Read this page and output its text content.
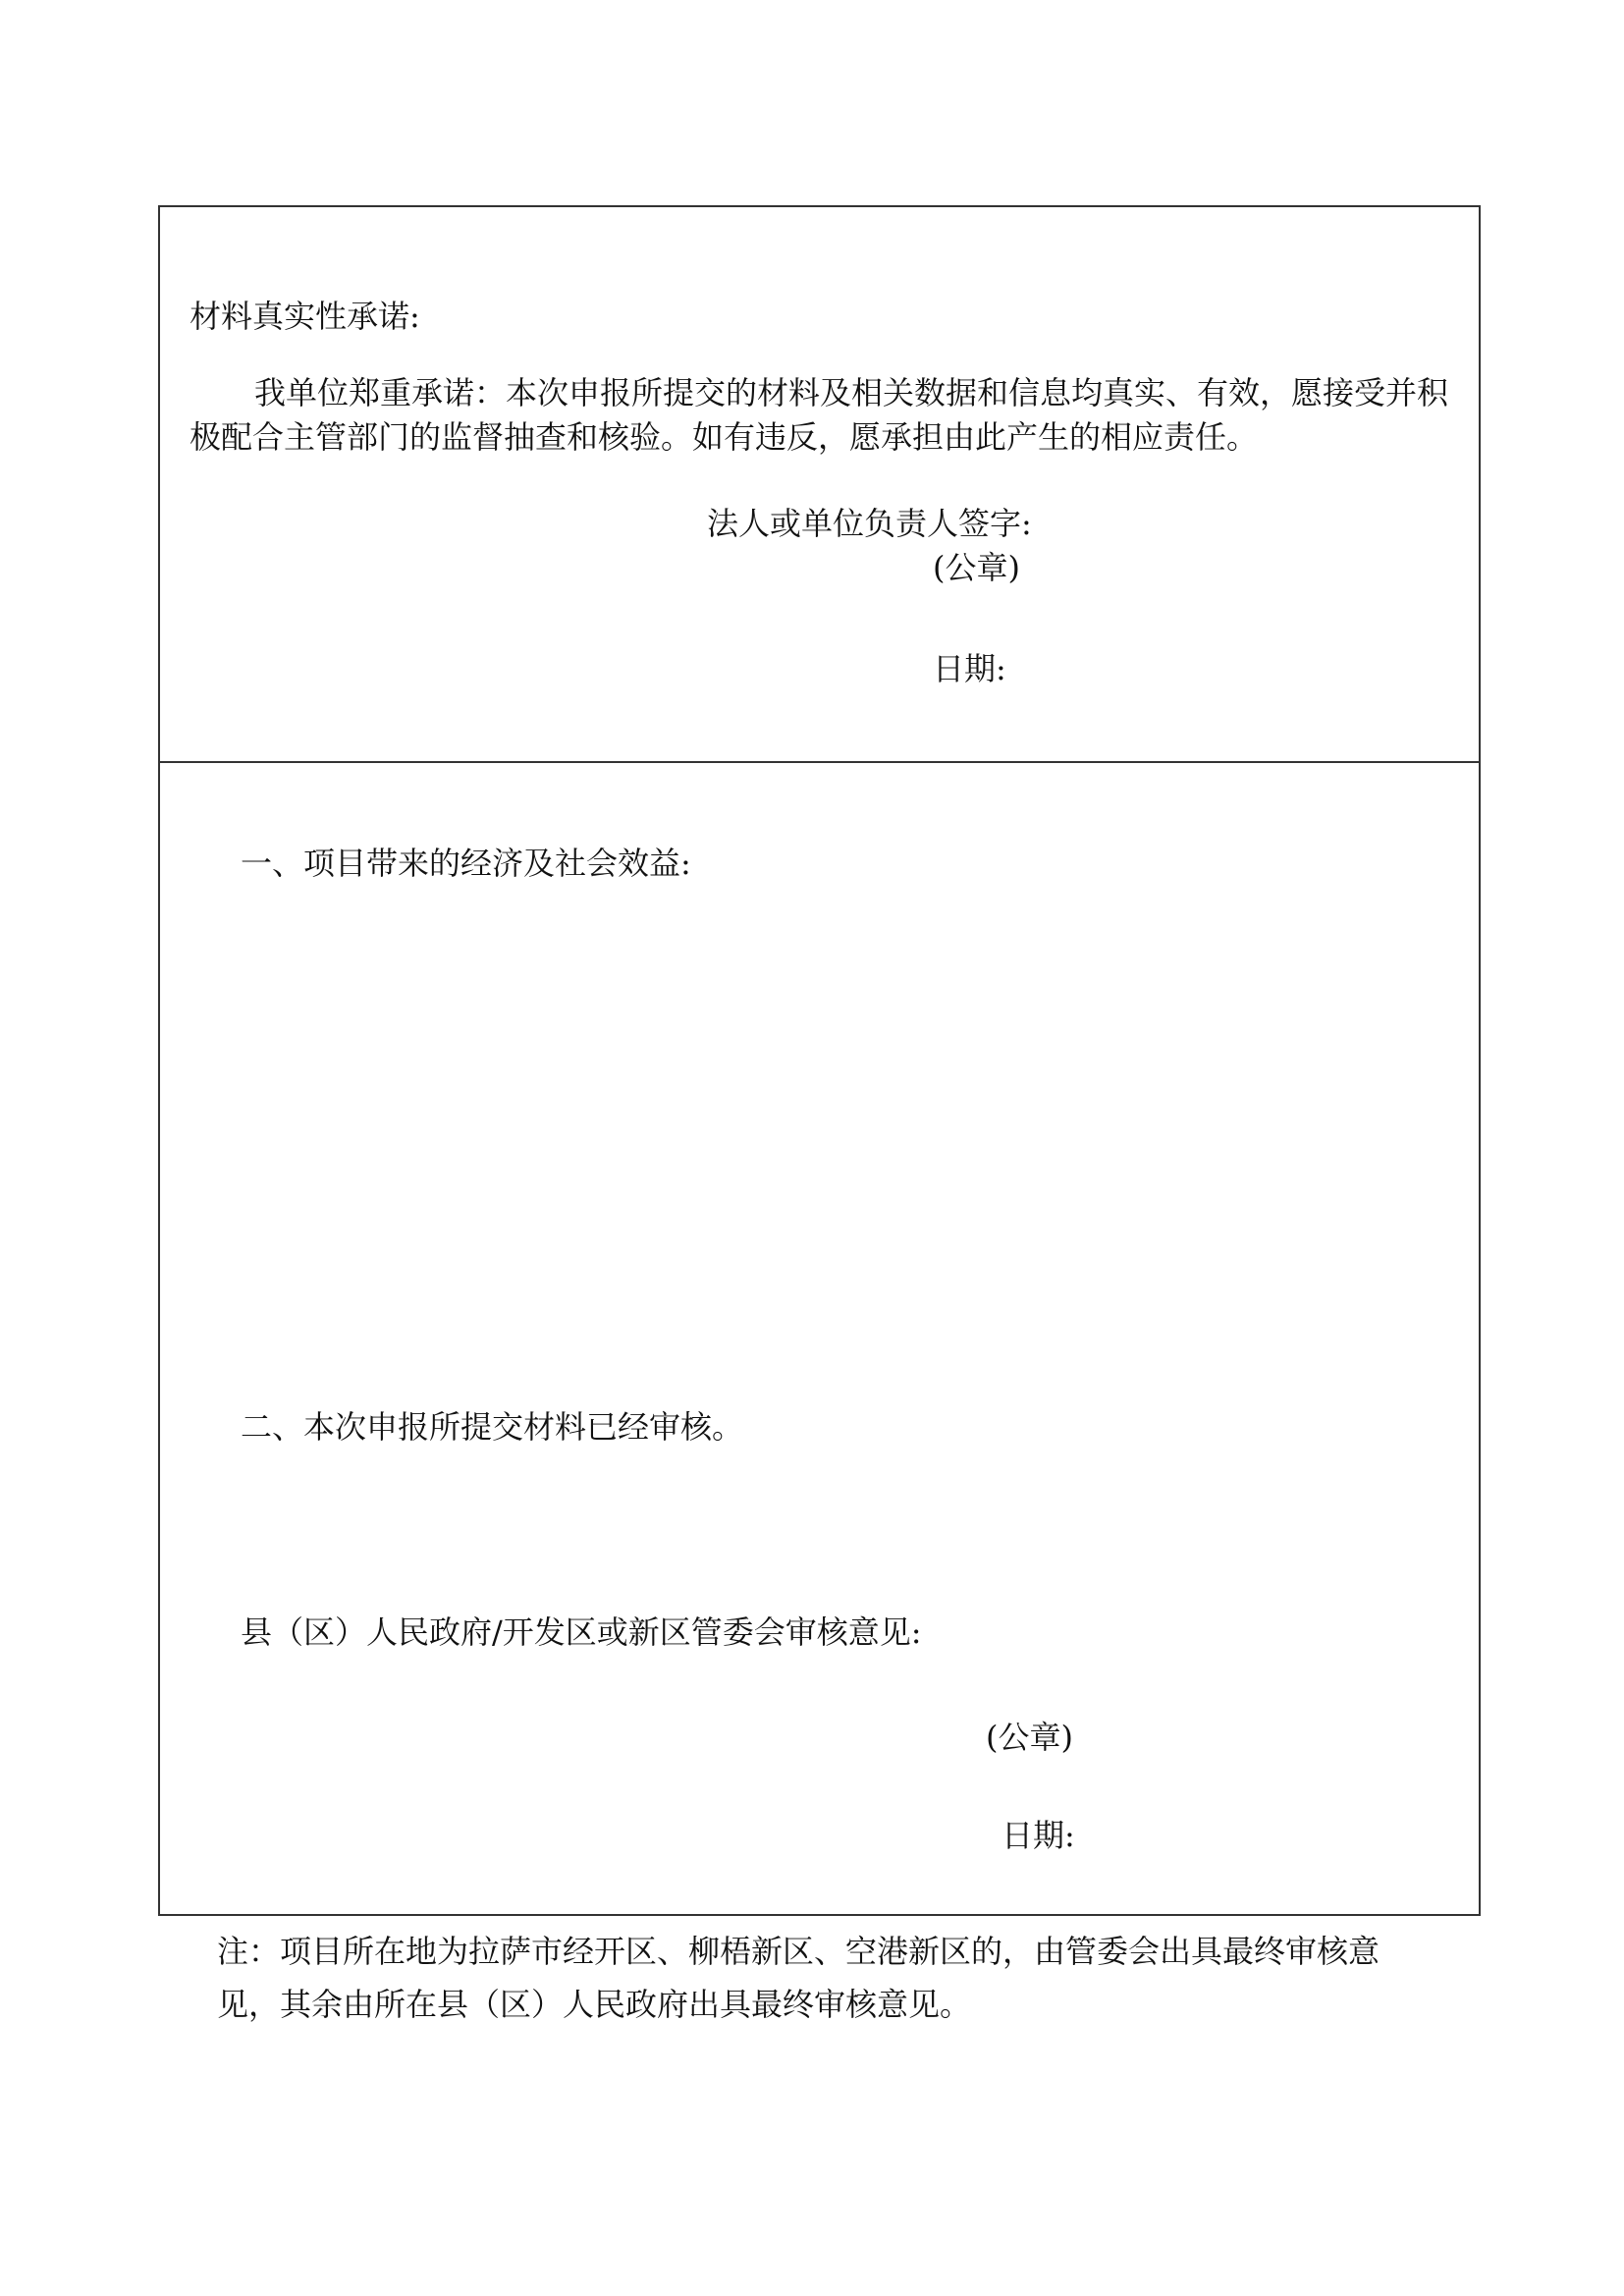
材料真实性承诺:
我单位郑重承诺：本次申报所提交的材料及相关数据和信息均真实、有效，愿接受并积极配合主管部门的监督抽查和核验。如有违反，愿承担由此产生的相应责任。
法人或单位负责人签字:
(公章)
日期:
一、项目带来的经济及社会效益:
二、本次申报所提交材料已经审核。
县（区）人民政府/开发区或新区管委会审核意见:
(公章)
日期:
注：项目所在地为拉萨市经开区、柳梧新区、空港新区的，由管委会出具最终审核意见，其余由所在县（区）人民政府出具最终审核意见。
